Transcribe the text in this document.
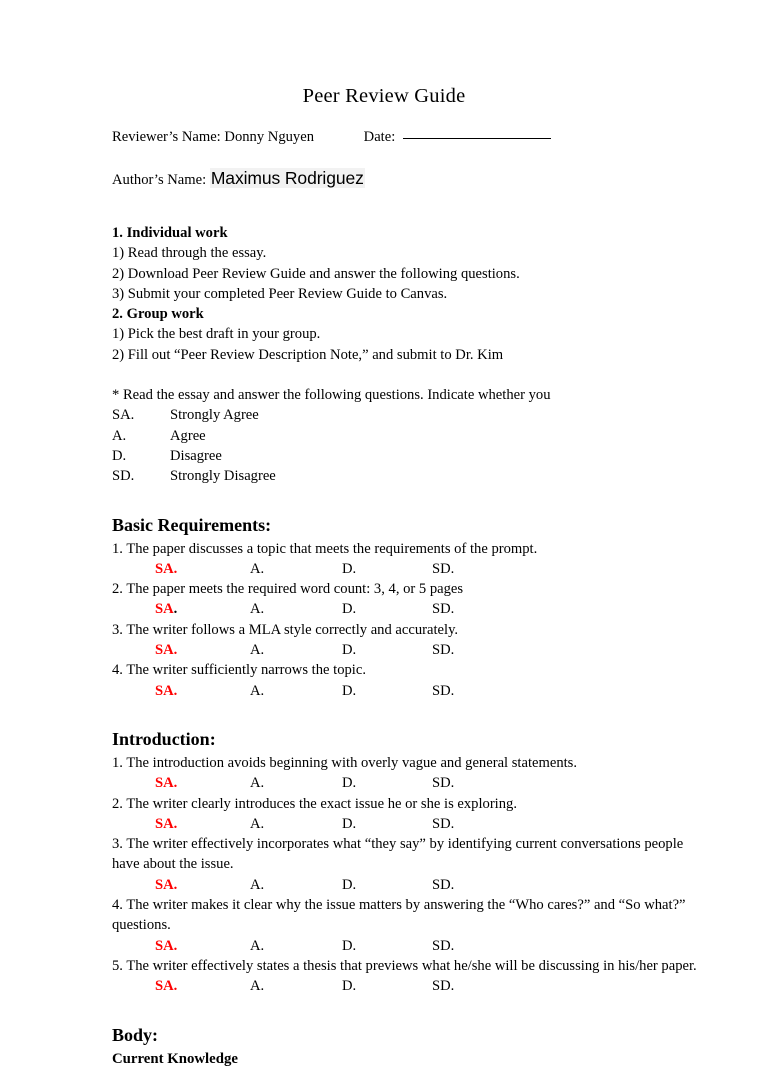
Peer Review Guide
Reviewer’s Name: Donny Nguyen	Date:
Author’s Name: Maximus Rodriguez
1. Individual work
1) Read through the essay.
2) Download Peer Review Guide and answer the following questions.
3) Submit your completed Peer Review Guide to Canvas.
2. Group work
1) Pick the best draft in your group.
2) Fill out “Peer Review Description Note,” and submit to Dr. Kim
* Read the essay and answer the following questions. Indicate whether you
SA. Strongly Agree
A.	Agree
D.	Disagree
SD. Strongly Disagree
Basic Requirements:
1. The paper discusses a topic that meets the requirements of the prompt.
SA.	A.	D.	SD.
2. The paper meets the required word count: 3, 4, or 5 pages
SA.	A.	D.	SD.
3. The writer follows a MLA style correctly and accurately.
SA.	A.	D.	SD.
4. The writer sufficiently narrows the topic.
SA.	A.	D.	SD.
Introduction:
1. The introduction avoids beginning with overly vague and general statements.
SA.	A.	D.	SD.
2. The writer clearly introduces the exact issue he or she is exploring.
SA.	A.	D.	SD.
3. The writer effectively incorporates what “they say” by identifying current conversations people have about the issue.
SA.	A.	D.	SD.
4. The writer makes it clear why the issue matters by answering the “Who cares?” and “So what?” questions.
SA.	A.	D.	SD.
5. The writer effectively states a thesis that previews what he/she will be discussing in his/her paper.
SA.	A.	D.	SD.
Body:
Current Knowledge
